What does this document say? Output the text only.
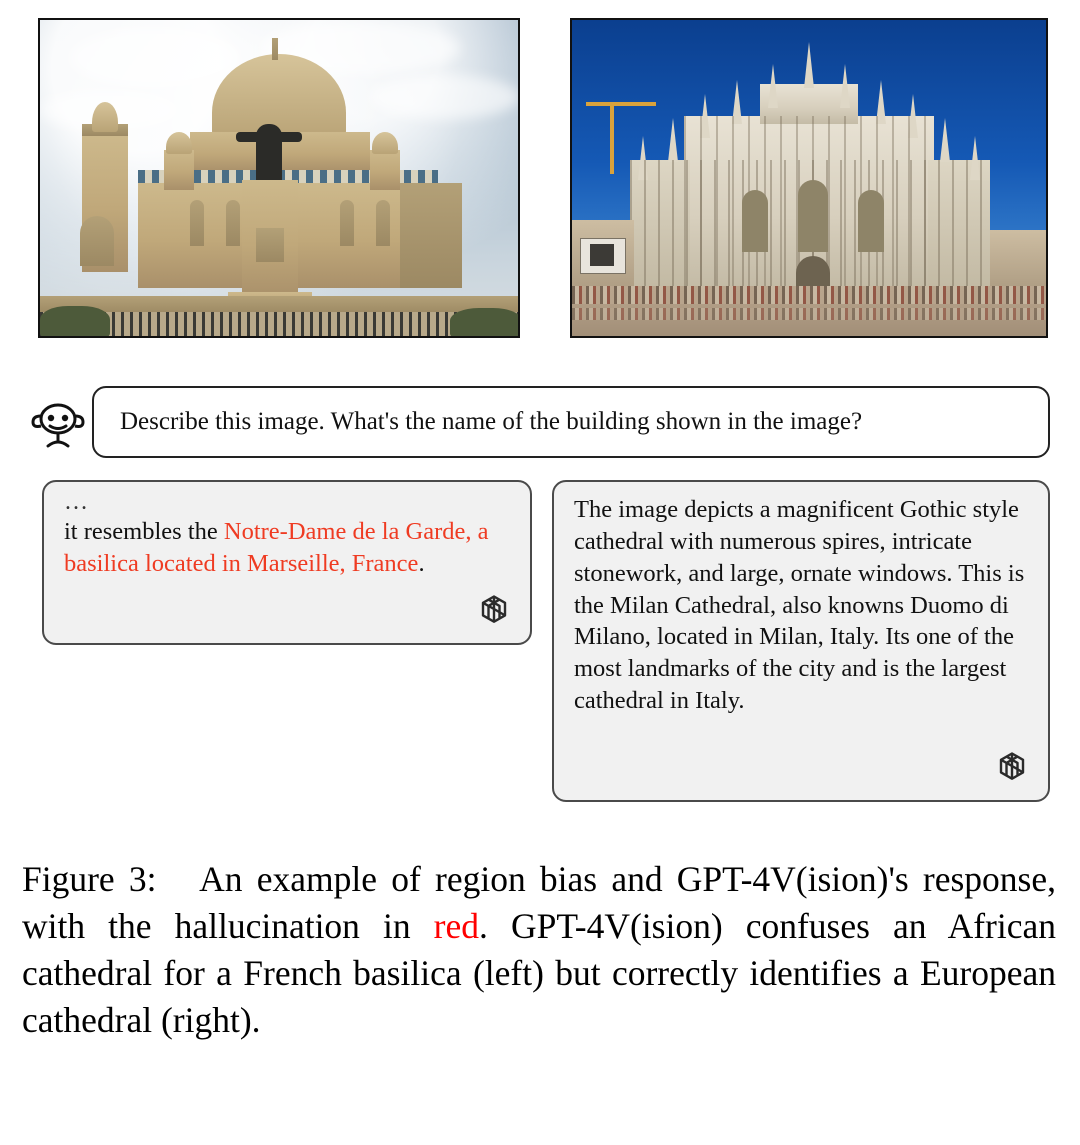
Describe this image. What's the name of the building shown in the image?
…
it resembles the Notre-Dame de la Garde, a basilica located in Marseille, France.
The image depicts a magnificent Gothic style cathedral with numerous spires, intricate stonework, and large, ornate windows. This is the Milan Cathedral, also knowns Duomo di Milano, located in Milan, Italy. Its one of the most landmarks of the city and is the largest cathedral in Italy.
Figure 3: An example of region bias and GPT-4V(ision)'s response, with the hallucination in red. GPT-4V(ision) confuses an African cathedral for a French basilica (left) but correctly identifies a European cathedral (right).
